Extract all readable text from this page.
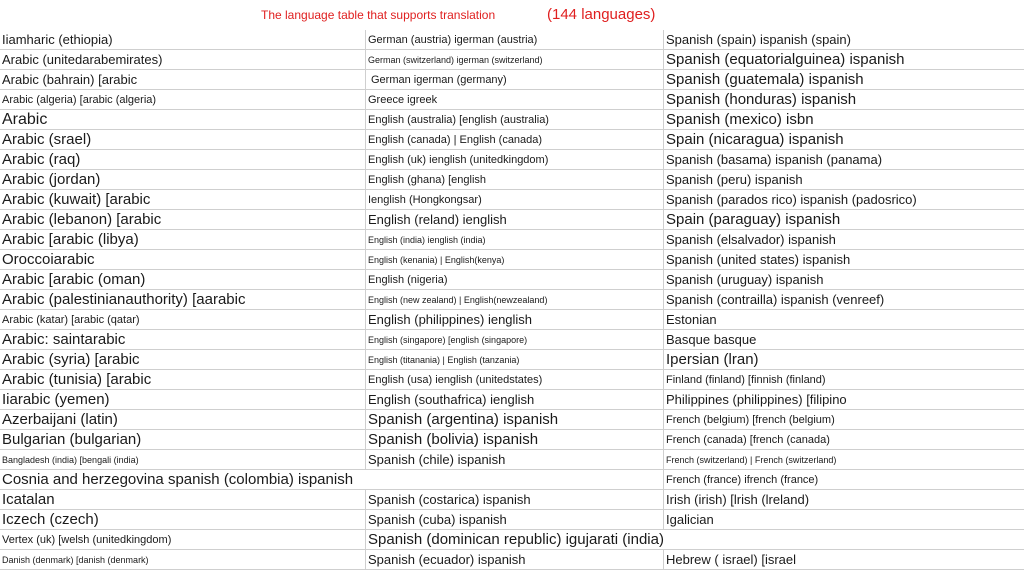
The language table that supports translation	(144 languages)
Iiamharic (ethiopia)	German (austria) igerman (austria)	Spanish (spain) ispanish (spain)
Arabic (unitedarabemirates)	German (switzerland) igerman (switzerland)	Spanish (equatorialguinea) ispanish
Arabic (bahrain) [arabic	German igerman (germany)	Spanish (guatemala) ispanish
Arabic (algeria) [arabic (algeria)	Greece igreek	Spanish (honduras) ispanish
Arabic	English (australia) [english (australia)	Spanish (mexico) isbn
Arabic (srael)	English (canada) | English (canada)	Spain (nicaragua) ispanish
Arabic (raq)	English (uk) ienglish (unitedkingdom)	Spanish (basama) ispanish (panama)
Arabic (jordan)	English (ghana) [english	Spanish (peru) ispanish
Arabic (kuwait) [arabic	Ienglish (Hongkongsar)	Spanish (parados rico) ispanish (padosrico)
Arabic (lebanon) [arabic	English (reland) ienglish	Spain (paraguay) ispanish
Arabic [arabic (libya)	English (india) ienglish (india)	Spanish (elsalvador) ispanish
Oroccoiarabic	English (kenania) | English(kenya)	Spanish (united states) ispanish
Arabic [arabic (oman)	English (nigeria)	Spanish (uruguay) ispanish
Arabic (palestinianauthority) [aarabic	English (new zealand) | English(newzealand)	Spanish (contrailla) ispanish (venreef)
Arabic (katar) [arabic (qatar)	English (philippines) ienglish	Estonian
Arabic: saintarabic	English (singapore) [english (singapore)	Basque basque
Arabic (syria) [arabic	English (titanania) | English (tanzania)	Ipersian (lran)
Arabic (tunisia) [arabic	English (usa) ienglish (unitedstates)	Finland (finland) [finnish (finland)
Iiarabic (yemen)	English (southafrica) ienglish	Philippines (philippines) [filipino
Azerbaijani (latin)	Spanish (argentina) ispanish	French (belgium) [french (belgium)
Bulgarian (bulgarian)	Spanish (bolivia) ispanish	French (canada) [french (canada)
Bangladesh (india) [bengali (india)	Spanish (chile) ispanish	French (switzerland) | French (switzerland)
Cosnia and herzegovina spanish (colombia) ispanish	French (france) ifrench (france)
Icatalan	Spanish (costarica) ispanish	Irish (irish) [lrish (lreland)
Iczech (czech)	Spanish (cuba) ispanish	Igalician
Vertex (uk) [welsh (unitedkingdom)	Spanish (dominican republic) igujarati (india)
Danish (denmark) [danish (denmark)	Spanish (ecuador) ispanish	Hebrew ( israel) [israel
